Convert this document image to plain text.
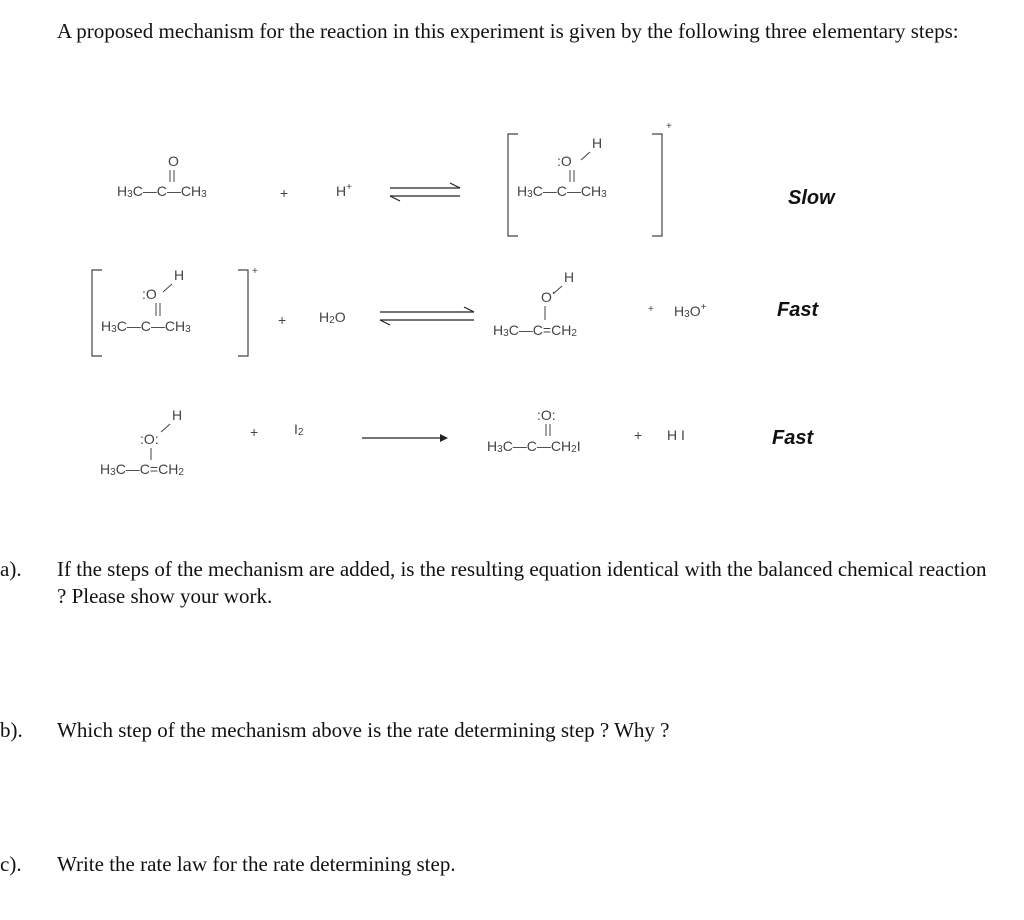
A proposed mechanism for the reaction in this experiment is given by the following three elementary steps:
O
H3C—C—CH3	+	H+
+
H
:O
H3C—C—CH3	Slow
+
H
:O
H3C—C—CH3
+ H2O
H
O˙
H3C—C=CH2
+ H3O+	Fast
H
:O:
H3C—C=CH2
+	I2
:O:
H3C—C—CH2I
+ H I	Fast
a). If the steps of the mechanism are added, is the resulting equation identical with the balanced chemical reaction ? Please show your work.
b). Which step of the mechanism above is the rate determining step ? Why ?
c). Write the rate law for the rate determining step.
